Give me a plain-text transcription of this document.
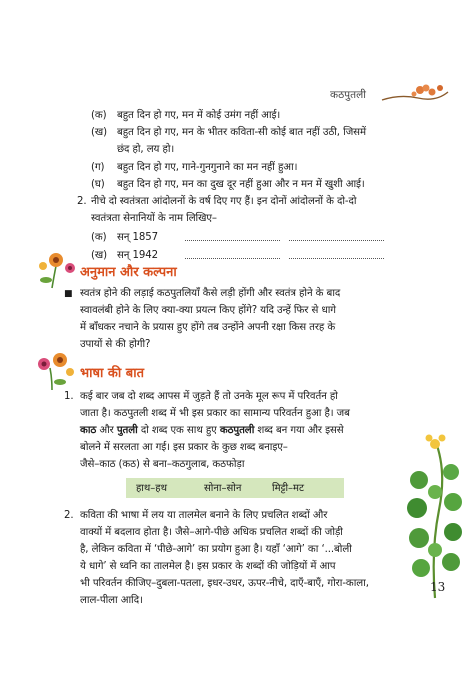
कठपुतली
(क) बहुत दिन हो गए, मन में कोई उमंग नहीं आई।
(ख) बहुत दिन हो गए, मन के भीतर कविता-सी कोई बात नहीं उठी, जिसमें
छंद हो, लय हो।
(ग) बहुत दिन हो गए, गाने-गुनगुनाने का मन नहीं हुआ।
(घ) बहुत दिन हो गए, मन का दुख दूर नहीं हुआ और न मन में खुशी आई।
2. नीचे दो स्वतंत्रता आंदोलनों के वर्ष दिए गए हैं। इन दोनों आंदोलनों के दो-दो
स्वतंत्रता सेनानियों के नाम लिखिए–
(क) सन् 1857
(ख) सन् 1942
अनुमान और कल्पना
■ स्वतंत्र होने की लड़ाई कठपुतलियाँ कैसे लड़ी होंगी और स्वतंत्र होने के बाद
स्वावलंबी होने के लिए क्या-क्या प्रयत्न किए होंगे? यदि उन्हें फिर से धागे
में बाँधकर नचाने के प्रयास हुए होंगे तब उन्होंने अपनी रक्षा किस तरह के
उपायों से की होगी?
भाषा की बात
1. कई बार जब दो शब्द आपस में जुड़ते हैं तो उनके मूल रूप में परिवर्तन हो
जाता है। कठपुतली शब्द में भी इस प्रकार का सामान्य परिवर्तन हुआ है। जब
काठ और पुतली दो शब्द एक साथ हुए कठपुतली शब्द बन गया और इससे
बोलने में सरलता आ गई। इस प्रकार के कुछ शब्द बनाइए–
जैसे–काठ (कठ) से बना–कठगुलाब, कठफोड़ा
हाथ–हथ	सोना–सोन	मिट्टी–मट
2. कविता की भाषा में लय या तालमेल बनाने के लिए प्रचलित शब्दों और
वाक्यों में बदलाव होता है। जैसे–आगे-पीछे अधिक प्रचलित शब्दों की जोड़ी
है, लेकिन कविता में ‘पीछे-आगे’ का प्रयोग हुआ है। यहाँ ‘आगे’ का ‘...बोली
ये धागे’ से ध्वनि का तालमेल है। इस प्रकार के शब्दों की जोड़ियों में आप
भी परिवर्तन कीजिए–दुबला-पतला, इधर-उधर, ऊपर-नीचे, दाएँ-बाएँ, गोरा-काला,
लाल-पीला आदि।
13
